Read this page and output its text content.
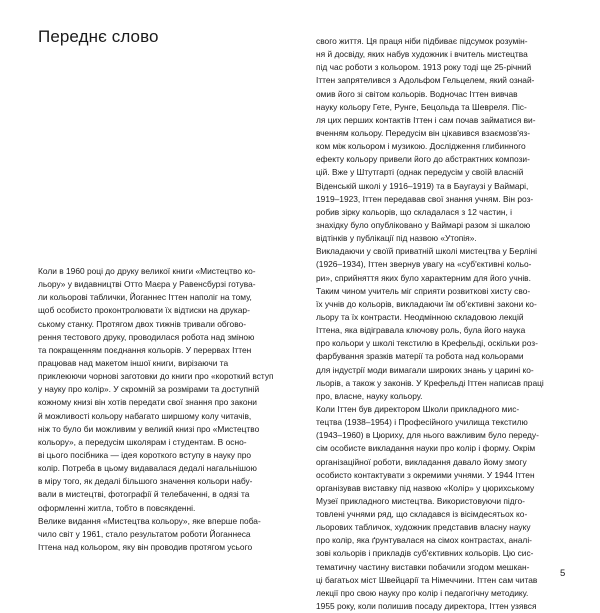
Переднє слово
Коли в 1960 році до друку великої книги «Мистецтво ко-
льору» у видавництві Отто Маєра у Равенсбурзі готува-
ли кольорові таблички, Йоганнес Іттен наполіг на тому,
щоб особисто проконтролювати їх відтиски на друкар-
ському станку. Протягом двох тижнів тривали обгово-
рення тестового друку, проводилася робота над зміною
та покращенням поєднання кольорів. У перервах Іттен
працював над макетом іншої книги, вирізаючи та
приклеюючи чорнові заготовки до книги про «короткий вступ
у науку про колір». У скромній за розмірами та доступній
кожному книзі він хотів передати свої знання про закони
й можливості кольору набагато ширшому колу читачів,
ніж то було би можливим у великій книзі про «Мистецтво
кольору», а передусім школярам і студентам. В осно-
ві цього посібника — ідея короткого вступу в науку про
колір. Потреба в цьому видавалася дедалі нагальнішою
в міру того, як дедалі більшого значення кольори набу-
вали в мистецтві, фотографії й телебаченні, в одязі та
оформленні житла, тобто в повсякденні.
Велике видання «Мистецтва кольору», яке вперше поба-
чило світ у 1961, стало результатом роботи Йоганнеса
Іттена над кольором, яку він проводив протягом усього
свого життя. Ця праця ніби підбиває підсумок розумін-
ня й досвіду, яких набув художник і вчитель мистецтва
під час роботи з кольором. 1913 року тоді ще 25-річний
Іттен запрятелився з Адольфом Гельцелем, який ознай-
омив його зі світом кольорів. Водночас Іттен вивчав
науку кольору Гете, Рунге, Бецольда та Шевреля. Піс-
ля цих перших контактів Іттен і сам почав займатися ви-
вченням кольору. Передусім він цікавився взаємозв'яз-
ком між кольором і музикою. Дослідження глибинного
ефекту кольору привели його до абстрактних компози-
цій. Вже у Штутгарті (однак передусім у своїй власній
Віденській школі у 1916–1919) та в Баугаузі у Ваймарі,
1919–1923, Іттен передавав свої знання учням. Він роз-
робив зірку кольорів, що складалася з 12 частин, і
знахідку було опубліковано у Ваймарі разом зі шкалою
відтінків у публікації під назвою «Утопія».
Викладаючи у своїй приватній школі мистецтва у Берліні
(1926–1934), Іттен звернув увагу на «суб'єктивні кольо-
ри», сприйняття яких було характерним для його учнів.
Таким чином учитель міг сприяти розвиткові хисту сво-
їх учнів до кольорів, викладаючи їм об'єктивні закони ко-
льору та їх контрасти. Неодмінною складовою лекцій
Іттена, яка відігравала ключову роль, була його наука
про кольори у школі текстилю в Крефельді, оскільки роз-
фарбування зразків матерії та робота над кольорами
для індустрії моди вимагали широких знань у царині ко-
льорів, а також у законів. У Крефельді Іттен написав праці
про, власне, науку кольору.
Коли Іттен був директором Школи прикладного мис-
тецтва (1938–1954) і Професійного училища текстилю
(1943–1960) в Цюриху, для нього важливим було переду-
сім особисте викладання науки про колір і форму. Окрім
організаційної роботи, викладання давало йому змогу
особисто контактувати з окремими учнями. У 1944 Іттен
організував виставку під назвою «Колір» у цюрихському
Музеї прикладного мистецтва. Використовуючи підго-
товлені учнями ряд, що складався із вісімдесятьох ко-
льорових табличок, художник представив власну науку
про колір, яка ґрунтувалася на сімох контрастах, аналі-
зові кольорів і прикладів суб'єктивних кольорів. Цю сис-
тематичну частину виставки побачили згодом мешкан-
ці багатьох міст Швейцарії та Німеччини. Іттен сам читав
лекції про свою науку про колір і педагогічну методику.
1955 року, коли полишив посаду директора, Іттен узявся
5
